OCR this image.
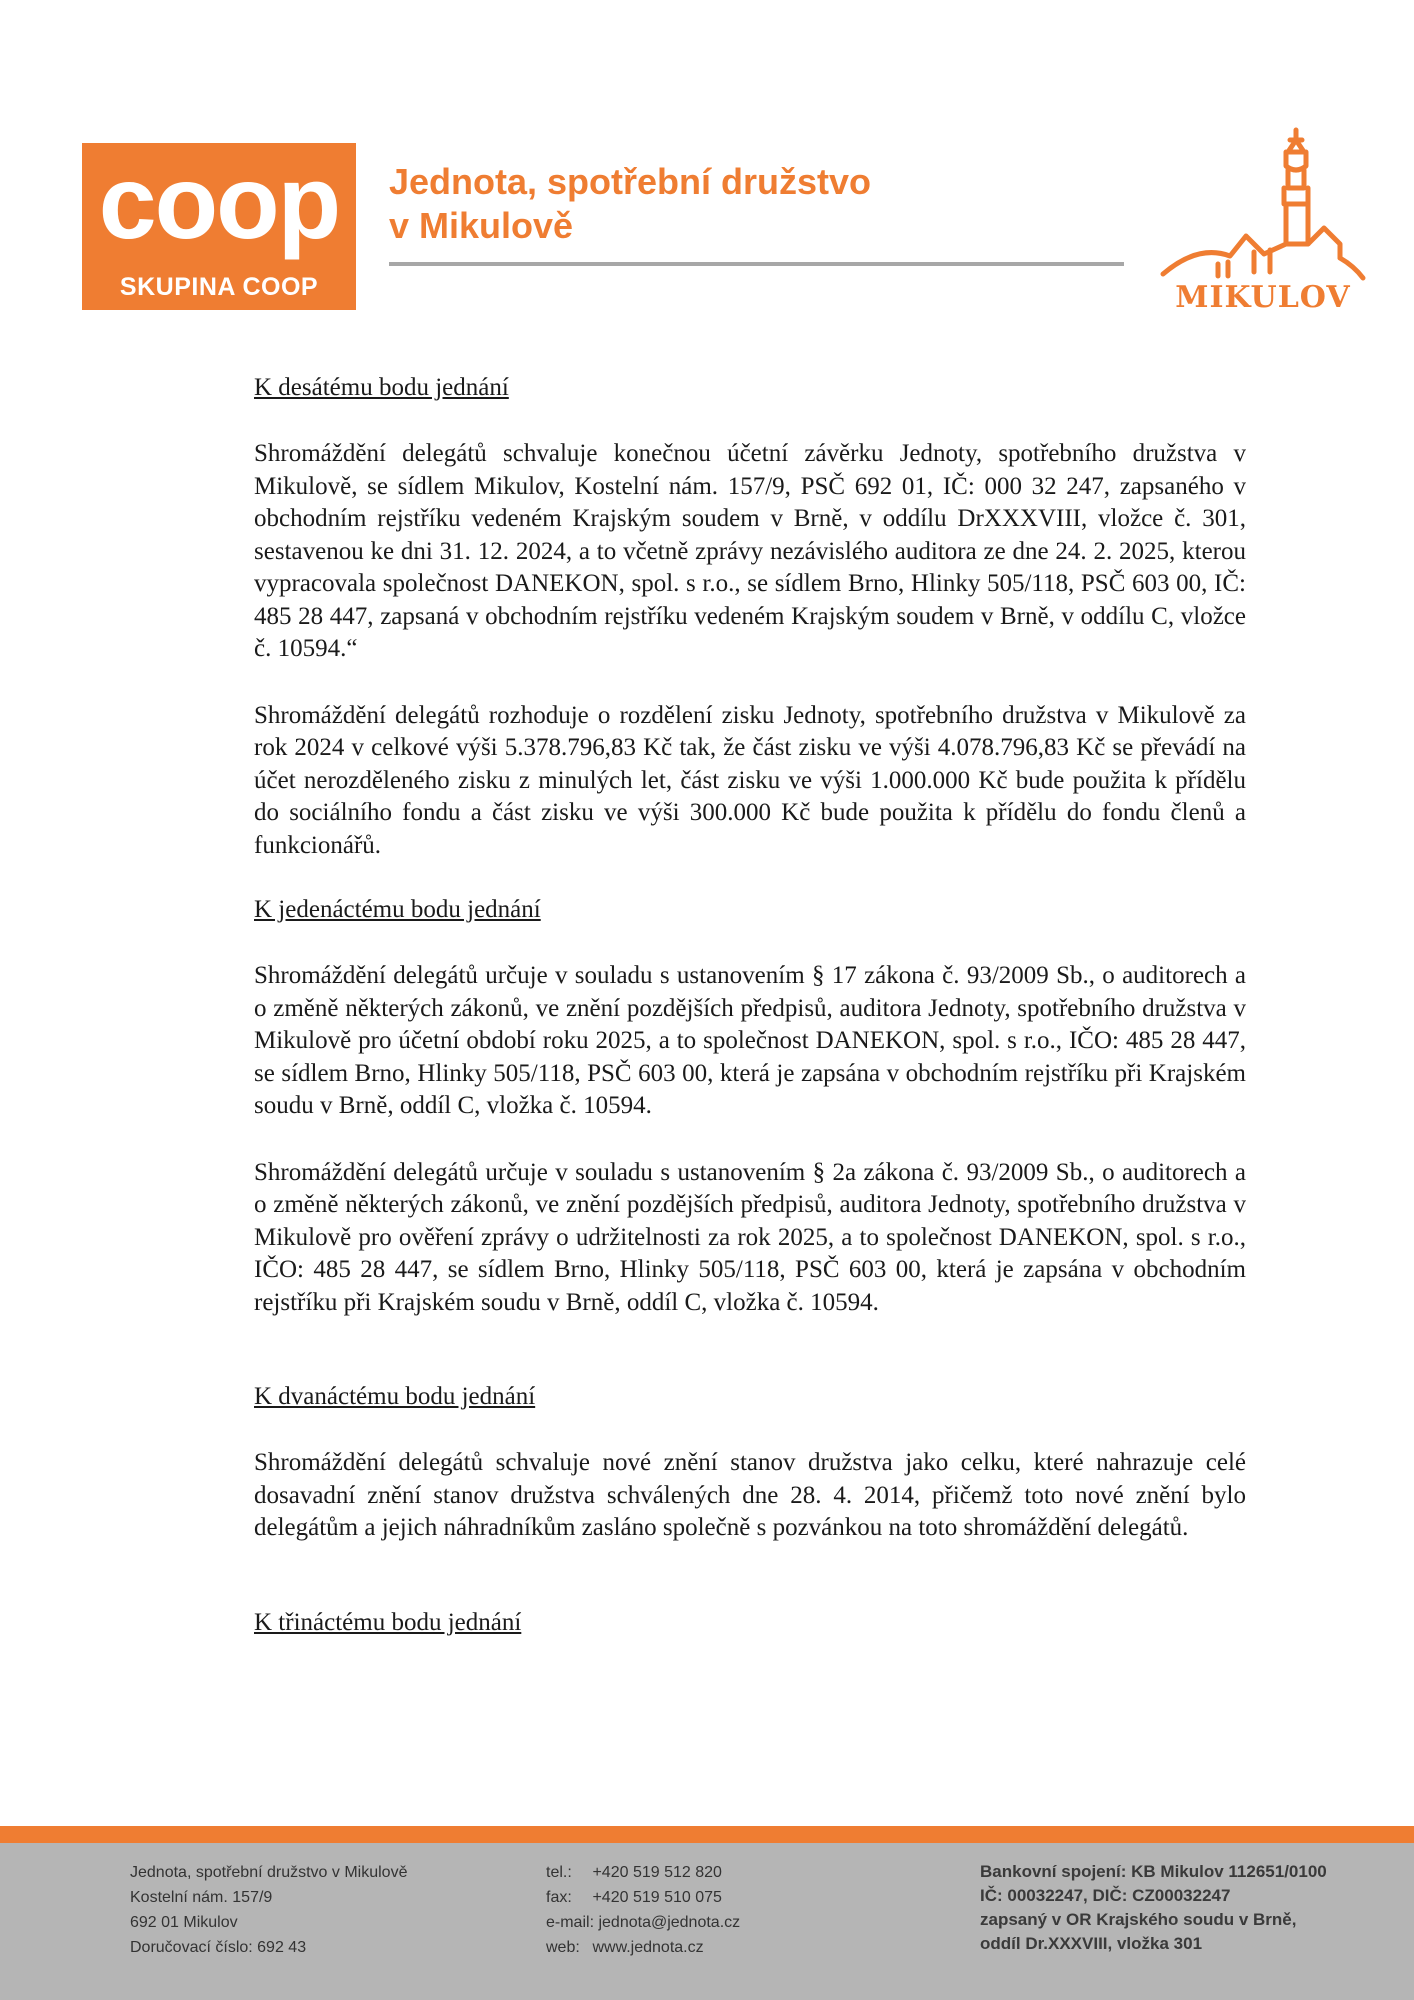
coop
SKUPINA COOP
Jednota, spotřební družstvo
v Mikulově
MIKULOV

K desátému bodu jednání

Shromáždění delegátů schvaluje konečnou účetní závěrku Jednoty, spotřebního družstva v Mikulově, se sídlem Mikulov, Kostelní nám. 157/9, PSČ 692 01, IČ: 000 32 247, zapsaného v obchodním rejstříku vedeném Krajským soudem v Brně, v oddílu DrXXXVIII, vložce č. 301, sestavenou ke dni 31. 12. 2024, a to včetně zprávy nezávislého auditora ze dne 24. 2. 2025, kterou vypracovala společnost DANEKON, spol. s r.o., se sídlem Brno, Hlinky 505/118, PSČ 603 00, IČ: 485 28 447, zapsaná v obchodním rejstříku vedeném Krajským soudem v Brně, v oddílu C, vložce č. 10594.“

Shromáždění delegátů rozhoduje o rozdělení zisku Jednoty, spotřebního družstva v Mikulově za rok 2024 v celkové výši 5.378.796,83 Kč tak, že část zisku ve výši 4.078.796,83 Kč se převádí na účet nerozděleného zisku z minulých let, část zisku ve výši 1.000.000 Kč bude použita k přídělu do sociálního fondu a část zisku ve výši 300.000 Kč bude použita k přídělu do fondu členů a funkcionářů.

K jedenáctému bodu jednání

Shromáždění delegátů určuje v souladu s ustanovením § 17 zákona č. 93/2009 Sb., o auditorech a o změně některých zákonů, ve znění pozdějších předpisů, auditora Jednoty, spotřebního družstva v Mikulově pro účetní období roku 2025, a to společnost DANEKON, spol. s r.o., IČO: 485 28 447, se sídlem Brno, Hlinky 505/118, PSČ 603 00, která je zapsána v obchodním rejstříku při Krajském soudu v Brně, oddíl C, vložka č. 10594.

Shromáždění delegátů určuje v souladu s ustanovením § 2a zákona č. 93/2009 Sb., o auditorech a o změně některých zákonů, ve znění pozdějších předpisů, auditora Jednoty, spotřebního družstva v Mikulově pro ověření zprávy o udržitelnosti za rok 2025, a to společnost DANEKON, spol. s r.o., IČO: 485 28 447, se sídlem Brno, Hlinky 505/118, PSČ 603 00, která je zapsána v obchodním rejstříku při Krajském soudu v Brně, oddíl C, vložka č. 10594.

K dvanáctému bodu jednání

Shromáždění delegátů schvaluje nové znění stanov družstva jako celku, které nahrazuje celé dosavadní znění stanov družstva schválených dne 28. 4. 2014, přičemž toto nové znění bylo delegátům a jejich náhradníkům zasláno společně s pozvánkou na toto shromáždění delegátů.

K třináctému bodu jednání

Jednota, spotřební družstvo v Mikulově
Kostelní nám. 157/9
692 01 Mikulov
Doručovací číslo: 692 43
tel.: +420 519 512 820
fax: +420 519 510 075
e-mail: jednota@jednota.cz
web: www.jednota.cz
Bankovní spojení: KB Mikulov 112651/0100
IČ: 00032247, DIČ: CZ00032247
zapsaný v OR Krajského soudu v Brně,
oddíl Dr.XXXVIII, vložka 301
